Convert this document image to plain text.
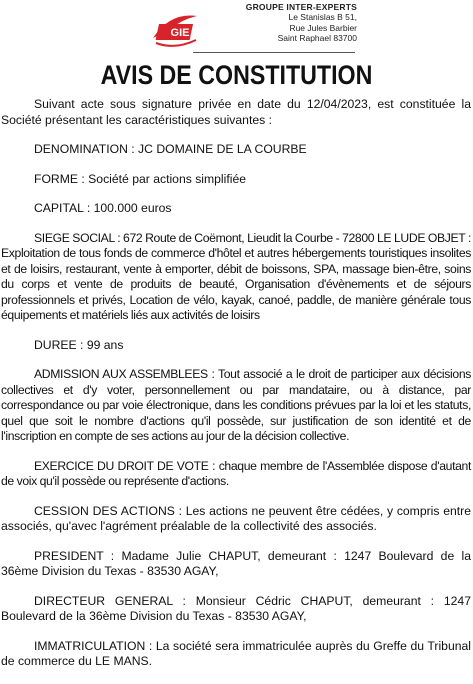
GIE
GROUPE INTER-EXPERTS
Le Stanislas B 51,
Rue Jules Barbier
Saint Raphael 83700
AVIS DE CONSTITUTION

Suivant acte sous signature privée en date du 12/04/2023, est constituée la Société présentant les caractéristiques suivantes :

DENOMINATION : JC DOMAINE DE LA COURBE

FORME : Société par actions simplifiée

CAPITAL : 100.000 euros

SIEGE SOCIAL : 672 Route de Coëmont, Lieudit la Courbe - 72800 LE LUDE OBJET : Exploitation de tous fonds de commerce d'hôtel et autres hébergements touristiques insolites et de loisirs, restaurant, vente à emporter, débit de boissons, SPA, massage bien-être, soins du corps et vente de produits de beauté, Organisation d'évènements et de séjours professionnels et privés, Location de vélo, kayak, canoé, paddle, de manière générale tous équipements et matériels liés aux activités de loisirs

DUREE : 99 ans

ADMISSION AUX ASSEMBLEES : Tout associé a le droit de participer aux décisions collectives et d'y voter, personnellement ou par mandataire, ou à distance, par correspondance ou par voie électronique, dans les conditions prévues par la loi et les statuts, quel que soit le nombre d'actions qu'il possède, sur justification de son identité et de l'inscription en compte de ses actions au jour de la décision collective.

EXERCICE DU DROIT DE VOTE : chaque membre de l'Assemblée dispose d'autant de voix qu'il possède ou représente d'actions.

CESSION DES ACTIONS : Les actions ne peuvent être cédées, y compris entre associés, qu'avec l'agrément préalable de la collectivité des associés.

PRESIDENT : Madame Julie CHAPUT, demeurant : 1247 Boulevard de la 36ème Division du Texas - 83530 AGAY,

DIRECTEUR GENERAL : Monsieur Cédric CHAPUT, demeurant : 1247 Boulevard de la 36ème Division du Texas - 83530 AGAY,

IMMATRICULATION : La société sera immatriculée auprès du Greffe du Tribunal de commerce du LE MANS.
